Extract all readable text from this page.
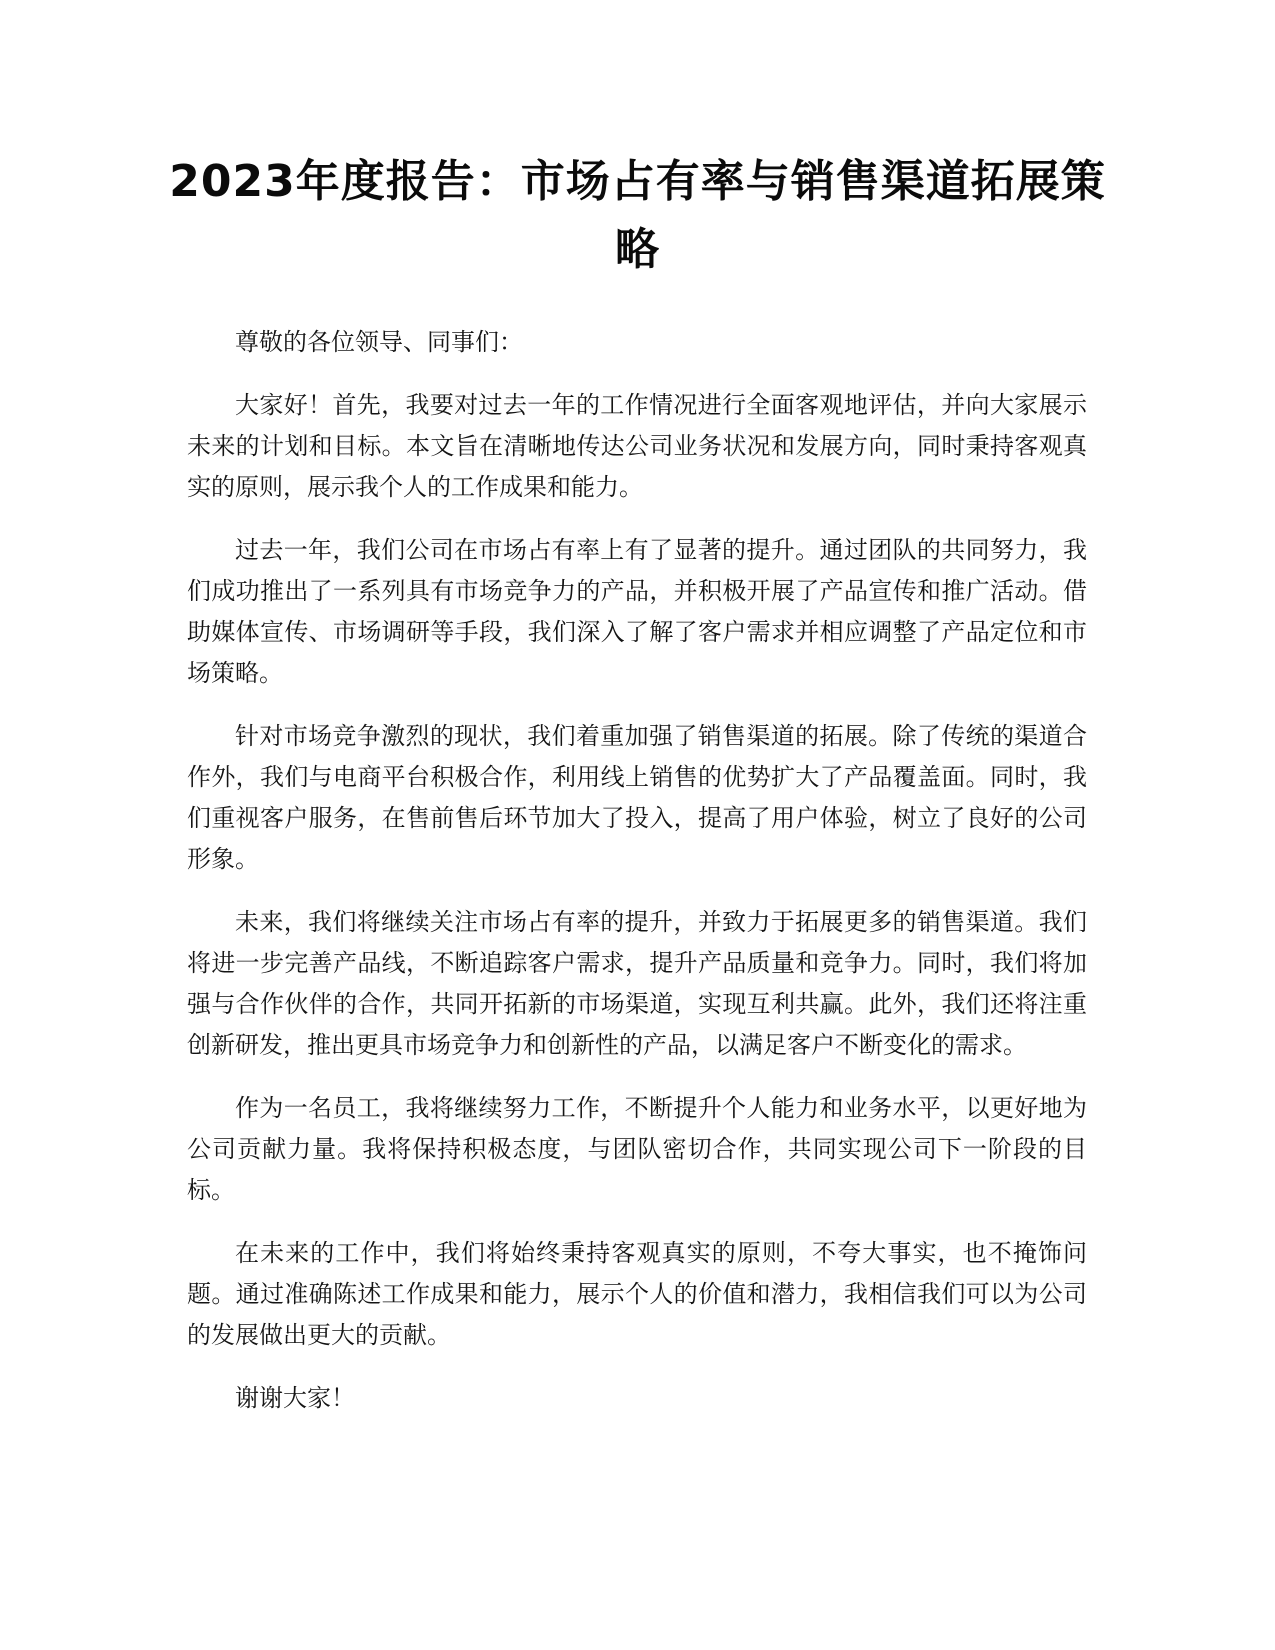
2023年度报告：市场占有率与销售渠道拓展策略

尊敬的各位领导、同事们：

大家好！首先，我要对过去一年的工作情况进行全面客观地评估，并向大家展示未来的计划和目标。本文旨在清晰地传达公司业务状况和发展方向，同时秉持客观真实的原则，展示我个人的工作成果和能力。

过去一年，我们公司在市场占有率上有了显著的提升。通过团队的共同努力，我们成功推出了一系列具有市场竞争力的产品，并积极开展了产品宣传和推广活动。借助媒体宣传、市场调研等手段，我们深入了解了客户需求并相应调整了产品定位和市场策略。

针对市场竞争激烈的现状，我们着重加强了销售渠道的拓展。除了传统的渠道合作外，我们与电商平台积极合作，利用线上销售的优势扩大了产品覆盖面。同时，我们重视客户服务，在售前售后环节加大了投入，提高了用户体验，树立了良好的公司形象。

未来，我们将继续关注市场占有率的提升，并致力于拓展更多的销售渠道。我们将进一步完善产品线，不断追踪客户需求，提升产品质量和竞争力。同时，我们将加强与合作伙伴的合作，共同开拓新的市场渠道，实现互利共赢。此外，我们还将注重创新研发，推出更具市场竞争力和创新性的产品，以满足客户不断变化的需求。

作为一名员工，我将继续努力工作，不断提升个人能力和业务水平，以更好地为公司贡献力量。我将保持积极态度，与团队密切合作，共同实现公司下一阶段的目标。

在未来的工作中，我们将始终秉持客观真实的原则，不夸大事实，也不掩饰问题。通过准确陈述工作成果和能力，展示个人的价值和潜力，我相信我们可以为公司的发展做出更大的贡献。

谢谢大家！
